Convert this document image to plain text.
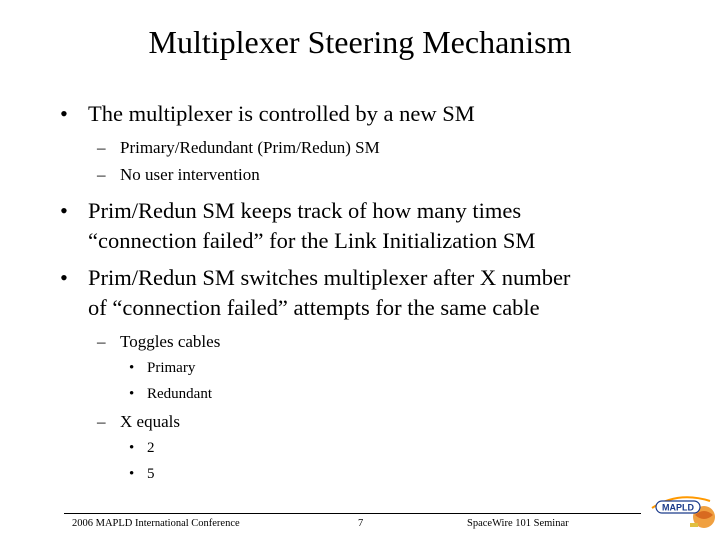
Multiplexer Steering Mechanism
• The multiplexer is controlled by a new SM
– Primary/Redundant (Prim/Redun) SM
– No user intervention
• Prim/Redun SM keeps track of how many times
“connection failed” for the Link Initialization SM
• Prim/Redun SM switches multiplexer after X number
of “connection failed” attempts for the same cable
– Toggles cables
• Primary
• Redundant
– X equals
• 2
• 5
2006 MAPLD International Conference	7	SpaceWire 101 Seminar
MAPLD
